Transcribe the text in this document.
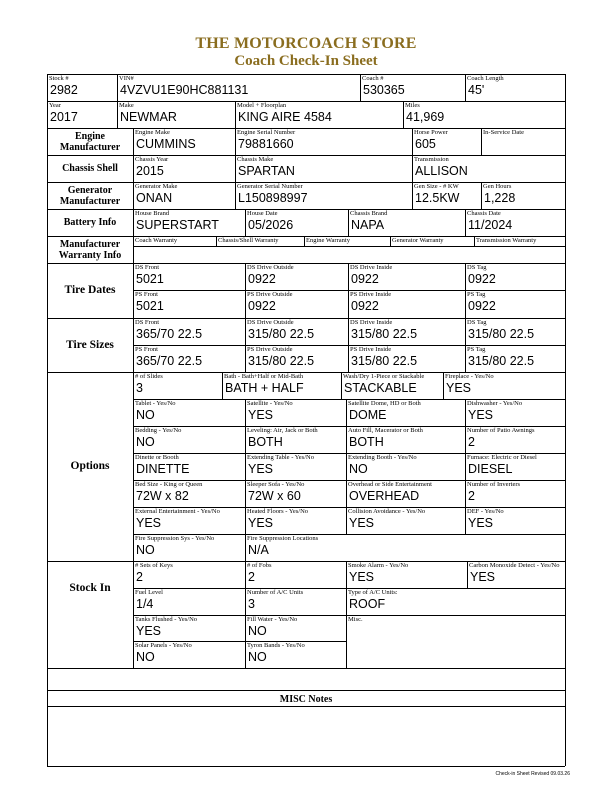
THE MOTORCOACH STORE
Coach Check-In Sheet
Stock #
2982
VIN#
4VZVU1E90HC881131
Coach #
530365
Coach Length
45'
Year
2017
Make
NEWMAR
Model + Floorplan
KING AIRE 4584
Miles
41,969
Engine Manufacturer
Engine Make
CUMMINS
Engine Serial Number
79881660
Horse Power
605
In-Service Date
Chassis Shell
Chassis Year
2015
Chassis Make
SPARTAN
Transmission
ALLISON
Generator Manufacturer
Generator Make
ONAN
Generator Serial Number
L150898997
Gen Size - # KW
12.5KW
Gen Hours
1,228
Battery Info
House Brand
SUPERSTART
House Date
05/2026
Chassis Brand
NAPA
Chassis Date
11/2024
Manufacturer Warranty Info
Coach Warranty	Chassis/Shell Warranty	Engine Warranty	Generator Warranty	Transmission Warranty
Tire Dates
DS Front
5021
DS Drive Outside
0922
DS Drive Inside
0922
DS Tag
0922
PS Front
5021
PS Drive Outside
0922
PS Drive Inside
0922
PS Tag
0922
Tire Sizes
DS Front
365/70 22.5
DS Drive Outside
315/80 22.5
DS Drive Inside
315/80 22.5
DS Tag
315/80 22.5
PS Front
365/70 22.5
PS Drive Outside
315/80 22.5
PS Drive Inside
315/80 22.5
PS Tag
315/80 22.5
Options
# of Slides
3
Bath - Bath+Half or Mid-Bath
BATH + HALF
Wash/Dry 1-Piece or Stackable
STACKABLE
Fireplace - Yes/No
YES
Tablet - Yes/No
NO
Satellite - Yes/No
YES
Satellite Dome, HD or Both
DOME
Dishwasher - Yes/No
YES
Bedding - Yes/No
NO
Leveling: Air, Jack or Both
BOTH
Auto Fill, Macerator or Both
BOTH
Number of Patio Awnings
2
Dinette or Booth
DINETTE
Extending Table - Yes/No
YES
Extending Booth - Yes/No
NO
Furnace: Electric or Diesel
DIESEL
Bed Size - King or Queen
72W x 82
Sleeper Sofa - Yes/No
72W x 60
Overhead or Side Entertainment
OVERHEAD
Number of Inverters
2
External Entertainment - Yes/No
YES
Heated Floors - Yes/No
YES
Collision Avoidance - Yes/No
YES
DEF - Yes/No
YES
Fire Suppression Sys - Yes/No
NO
Fire Suppression Locations
N/A
Stock In
# Sets of Keys
2
# of Fobs
2
Smoke Alarm - Yes/No
YES
Carbon Monoxide Detect - Yes/No
YES
Fuel Level
1/4
Number of A/C Units
3
Type of A/C Units:
ROOF
Tanks Flushed - Yes/No
YES
Fill Water - Yes/No
NO
Misc.
Solar Panels - Yes/No
NO
Tyron Bands - Yes/No
NO
MISC Notes
Check-in Sheet Revised 09.03.26
